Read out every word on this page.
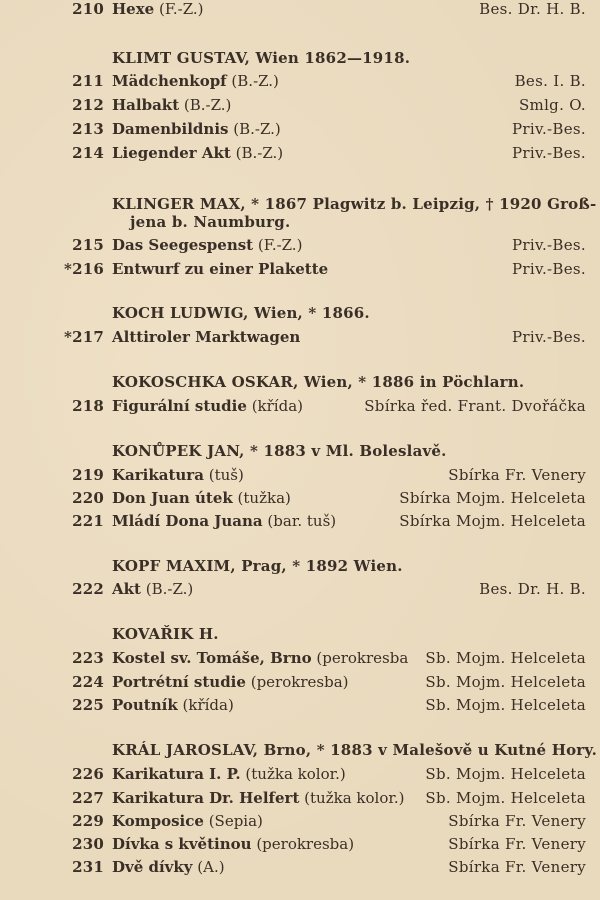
210 Hexe (F.-Z.)	Bes. Dr. H. B.
KLIMT GUSTAV, Wien 1862—1918.
211 Mädchenkopf (B.-Z.)	Bes. I. B.
212 Halbakt (B.-Z.)	Smlg. O.
213 Damenbildnis (B.-Z.)	Priv.-Bes.
214 Liegender Akt (B.-Z.)	Priv.-Bes.
KLINGER MAX, * 1867 Plagwitz b. Leipzig, † 1920 Groß-
jena b. Naumburg.
215 Das Seegespenst (F.-Z.)	Priv.-Bes.
*216 Entwurf zu einer Plakette	Priv.-Bes.
KOCH LUDWIG, Wien, * 1866.
*217 Alttiroler Marktwagen	Priv.-Bes.
KOKOSCHKA OSKAR, Wien, * 1886 in Pöchlarn.
218 Figurální studie (křída)	Sbírka řed. Frant. Dvořáčka
KONŮPEK JAN, * 1883 v Ml. Boleslavě.
219 Karikatura (tuš)	Sbírka Fr. Venery
220 Don Juan útek (tužka)	Sbírka Mojm. Helceleta
221 Mládí Dona Juana (bar. tuš)	Sbírka Mojm. Helceleta
KOPF MAXIM, Prag, * 1892 Wien.
222 Akt (B.-Z.)	Bes. Dr. H. B.
KOVAŘIK H.
223 Kostel sv. Tomáše, Brno (perokresba Sb. Mojm. Helceleta
224 Portrétní studie (perokresba)	Sb. Mojm. Helceleta
225 Poutník (křída)	Sb. Mojm. Helceleta
KRÁL JAROSLAV, Brno, * 1883 v Malešově u Kutné Hory.
226 Karikatura I. P. (tužka kolor.)	Sb. Mojm. Helceleta
227 Karikatura Dr. Helfert (tužka kolor.) Sb. Mojm. Helceleta
229 Komposice (Sepia)	Sbírka Fr. Venery
230 Dívka s květinou (perokresba)	Sbírka Fr. Venery
231 Dvě dívky (A.)	Sbírka Fr. Venery
